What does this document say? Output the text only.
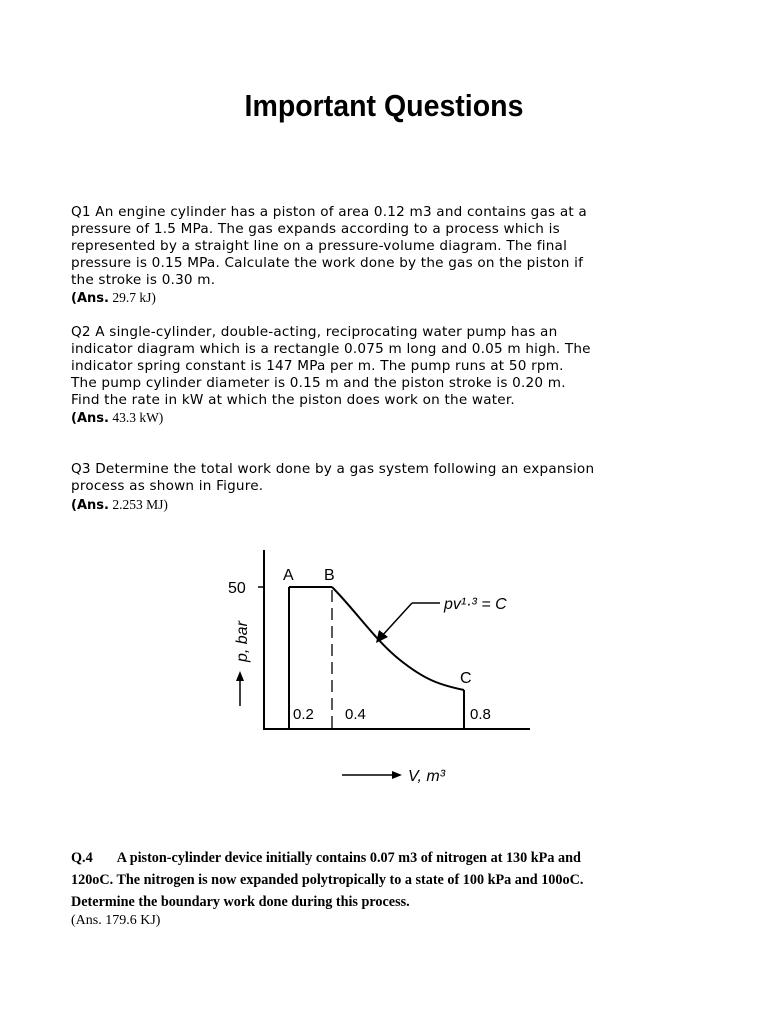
Important Questions
Q1 An engine cylinder has a piston of area 0.12 m3 and contains gas at a
pressure of 1.5 MPa. The gas expands according to a process which is
represented by a straight line on a pressure-volume diagram. The final
pressure is 0.15 MPa. Calculate the work done by the gas on the piston if
the stroke is 0.30 m.
(Ans. 29.7 kJ)
Q2 A single-cylinder, double-acting, reciprocating water pump has an
indicator diagram which is a rectangle 0.075 m long and 0.05 m high. The
indicator spring constant is 147 MPa per m. The pump runs at 50 rpm.
The pump cylinder diameter is 0.15 m and the piston stroke is 0.20 m.
Find the rate in kW at which the piston does work on the water.
(Ans. 43.3 kW)
Q3 Determine the total work done by a gas system following an expansion
process as shown in Figure.
(Ans. 2.253 MJ)
50
A B
C
0.2 0.4	0.8
pv¹·³ = C
V, m³
p, bar
Q.4       A piston-cylinder device initially contains 0.07 m3 of nitrogen at 130 kPa and
120oC. The nitrogen is now expanded polytropically to a state of 100 kPa and 100oC.
Determine the boundary work done during this process.
(Ans. 179.6 KJ)
